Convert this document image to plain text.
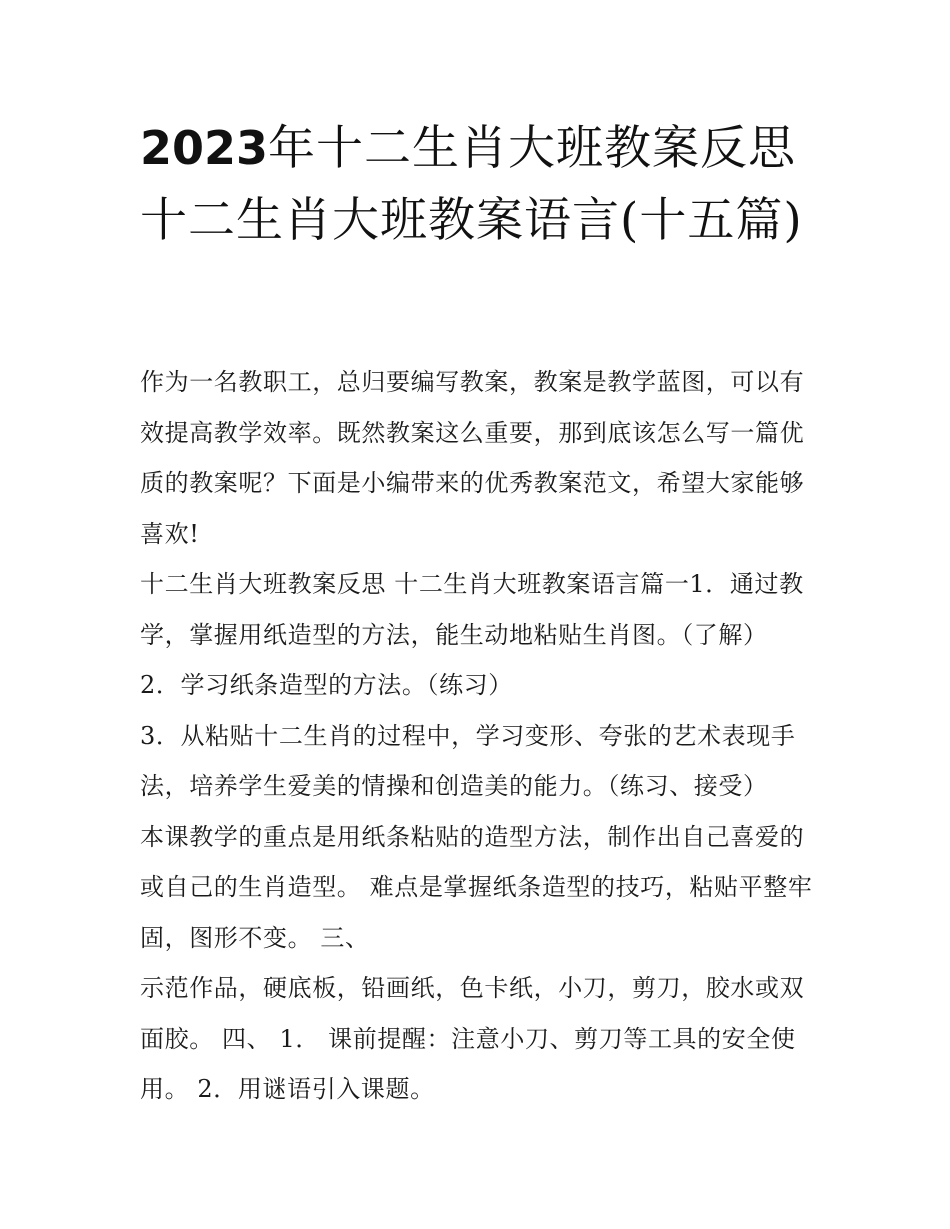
2023年十二生肖大班教案反思十二生肖大班教案语言(十五篇)

作为一名教职工，总归要编写教案，教案是教学蓝图，可以有效提高教学效率。既然教案这么重要，那到底该怎么写一篇优质的教案呢？下面是小编带来的优秀教案范文，希望大家能够喜欢!

十二生肖大班教案反思 十二生肖大班教案语言篇一1．通过教学，掌握用纸造型的方法，能生动地粘贴生肖图。（了解）

2．学习纸条造型的方法。（练习）

3．从粘贴十二生肖的过程中，学习变形、夸张的艺术表现手法，培养学生爱美的情操和创造美的能力。（练习、接受）

本课教学的重点是用纸条粘贴的造型方法，制作出自己喜爱的或自己的生肖造型。 难点是掌握纸条造型的技巧，粘贴平整牢固，图形不变。 三、

示范作品，硬底板，铅画纸，色卡纸，小刀，剪刀，胶水或双面胶。 四、 1． 课前提醒：注意小刀、剪刀等工具的安全使用。 2．用谜语引入课题。
